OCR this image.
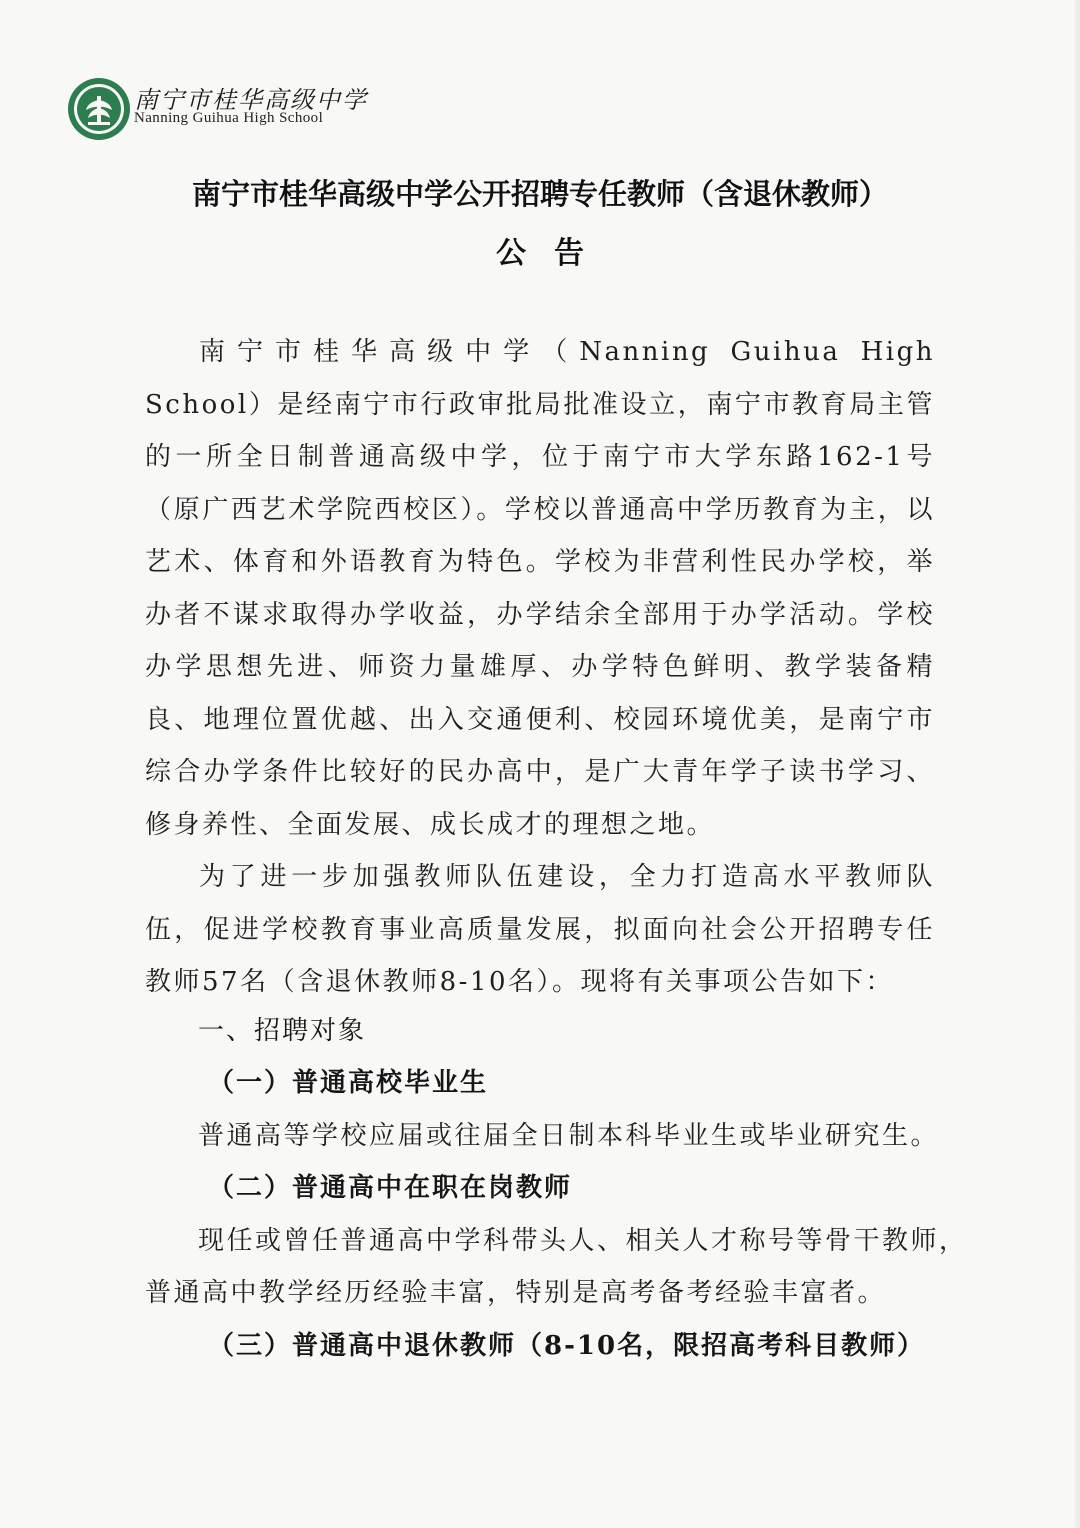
南宁市桂华高级中学
Nanning Guihua High School
南宁市桂华高级中学公开招聘专任教师（含退休教师）
公告

南宁市桂华高级中学（Nanning Guihua High School）是经南宁市行政审批局批准设立，南宁市教育局主管的一所全日制普通高级中学，位于南宁市大学东路162-1号（原广西艺术学院西校区）。学校以普通高中学历教育为主，以艺术、体育和外语教育为特色。学校为非营利性民办学校，举办者不谋求取得办学收益，办学结余全部用于办学活动。学校办学思想先进、师资力量雄厚、办学特色鲜明、教学装备精良、地理位置优越、出入交通便利、校园环境优美，是南宁市综合办学条件比较好的民办高中，是广大青年学子读书学习、修身养性、全面发展、成长成才的理想之地。

为了进一步加强教师队伍建设，全力打造高水平教师队伍，促进学校教育事业高质量发展，拟面向社会公开招聘专任教师57名（含退休教师8-10名）。现将有关事项公告如下：

一、招聘对象
（一）普通高校毕业生
普通高等学校应届或往届全日制本科毕业生或毕业研究生。
（二）普通高中在职在岗教师
现任或曾任普通高中学科带头人、相关人才称号等骨干教师，
普通高中教学经历经验丰富，特别是高考备考经验丰富者。
（三）普通高中退休教师（8-10名，限招高考科目教师）
